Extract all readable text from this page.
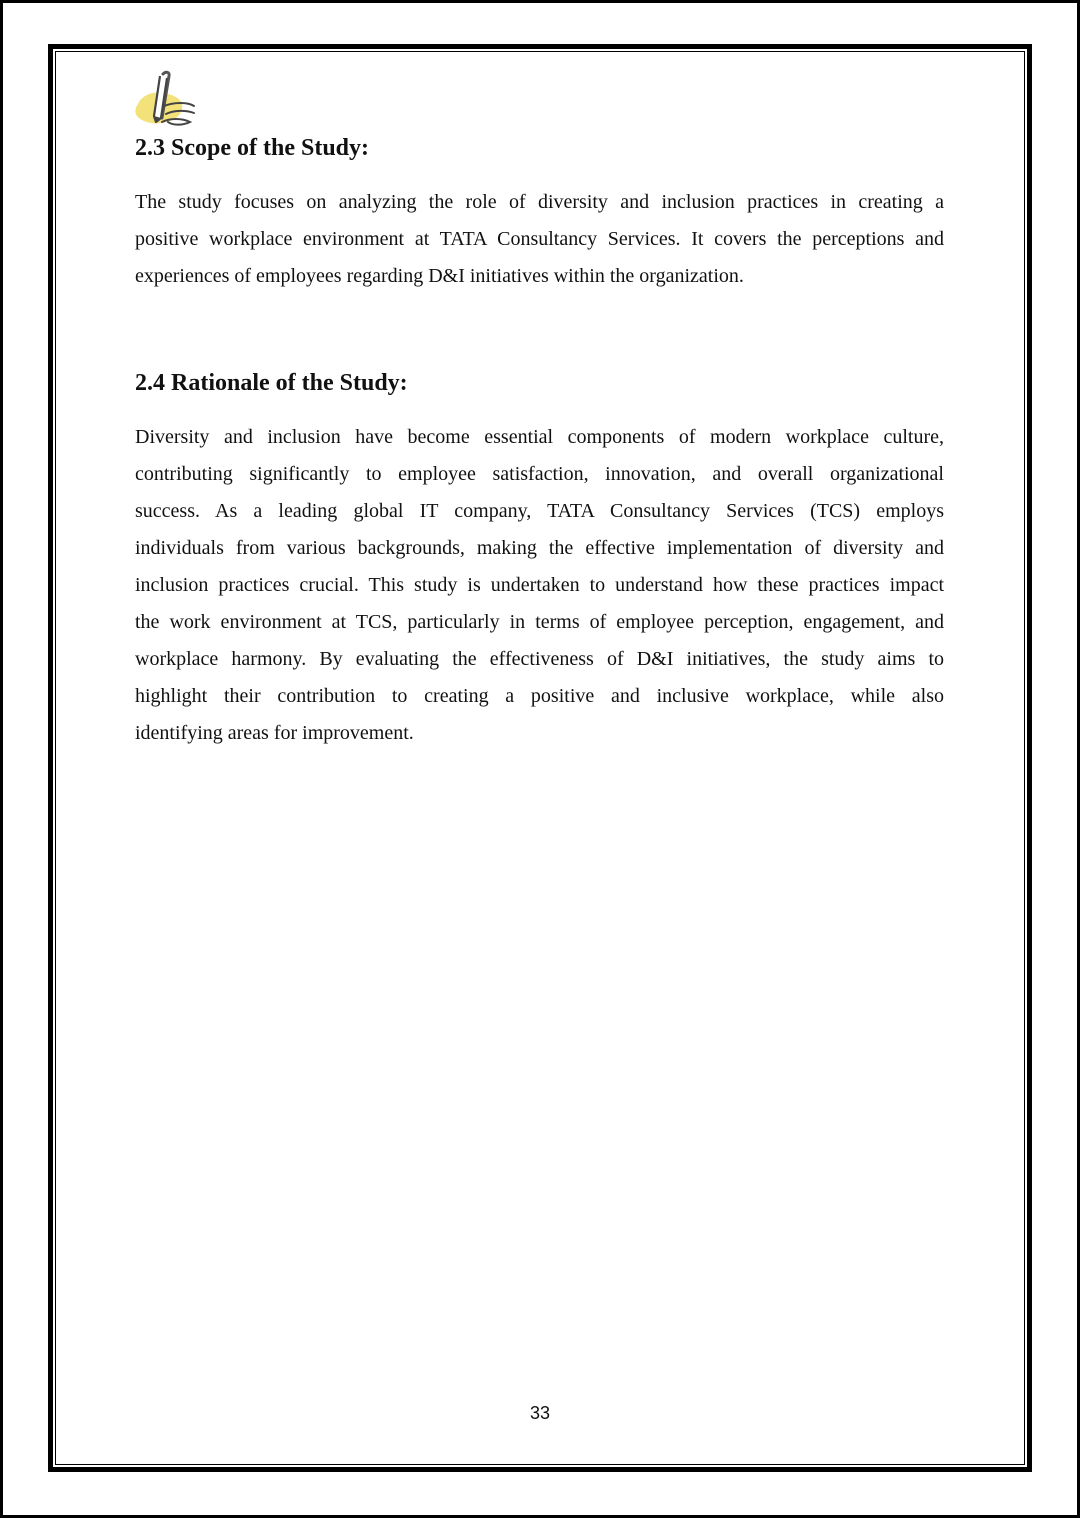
2.3 Scope of the Study:
The study focuses on analyzing the role of diversity and inclusion practices in creating a
positive workplace environment at TATA Consultancy Services. It covers the perceptions and
experiences of employees regarding D&I initiatives within the organization.
2.4 Rationale of the Study:
Diversity and inclusion have become essential components of modern workplace culture,
contributing significantly to employee satisfaction, innovation, and overall organizational
success. As a leading global IT company, TATA Consultancy Services (TCS) employs
individuals from various backgrounds, making the effective implementation of diversity and
inclusion practices crucial. This study is undertaken to understand how these practices impact
the work environment at TCS, particularly in terms of employee perception, engagement, and
workplace harmony. By evaluating the effectiveness of D&I initiatives, the study aims to
highlight their contribution to creating a positive and inclusive workplace, while also
identifying areas for improvement.
33
